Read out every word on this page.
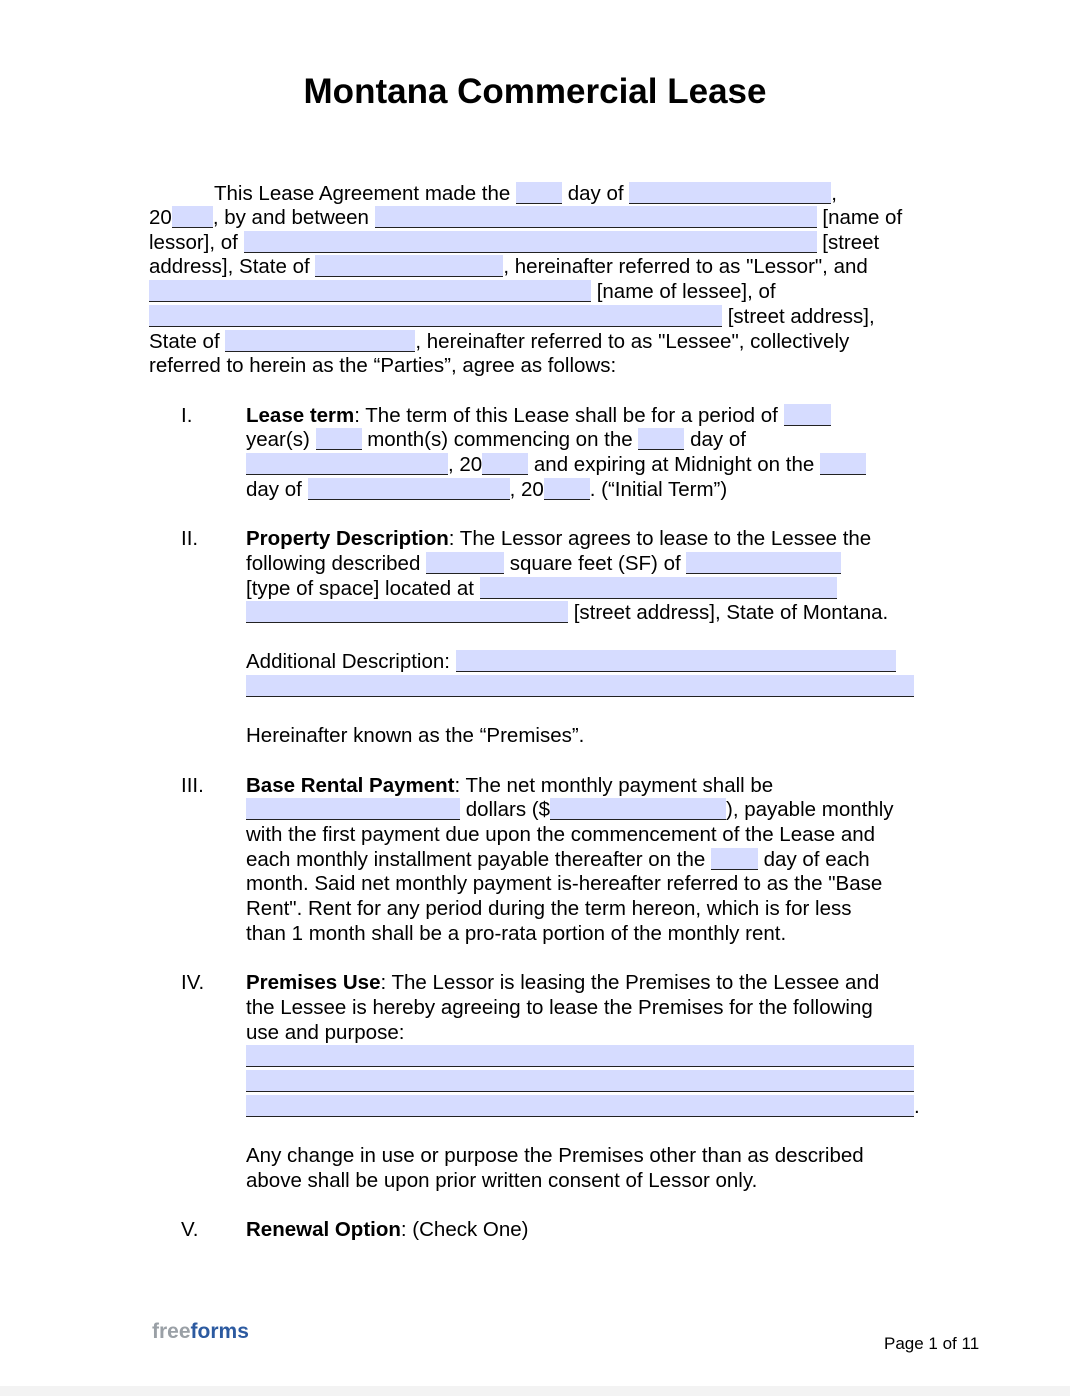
Montana Commercial Lease
This Lease Agreement made the	day of	,
20 , by and between	[name of
lessor], of	[street
address], State of	, hereinafter referred to as "Lessor", and
[name of lessee], of
[street address],
State of	, hereinafter referred to as "Lessee", collectively
referred to herein as the “Parties”, agree as follows:
I.	Lease term: The term of this Lease shall be for a period of
year(s)	month(s) commencing on the	day of
, 20	and expiring at Midnight on the
day of	, 20 . (“Initial Term”)
II. Property Description: The Lessor agrees to lease to the Lessee the
following described	square feet (SF) of
[type of space] located at
[street address], State of Montana.
Additional Description:
Hereinafter known as the “Premises”.
III. Base Rental Payment: The net monthly payment shall be
dollars ($	), payable monthly
with the first payment due upon the commencement of the Lease and
each monthly installment payable thereafter on the	day of each
month. Said net monthly payment is-hereafter referred to as the "Base
Rent". Rent for any period during the term hereon, which is for less
than 1 month shall be a pro-rata portion of the monthly rent.
IV. Premises Use: The Lessor is leasing the Premises to the Lessee and
the Lessee is hereby agreeing to lease the Premises for the following
use and purpose:
.
Any change in use or purpose the Premises other than as described
above shall be upon prior written consent of Lessor only.
V. Renewal Option: (Check One)
freeforms
Page 1 of 11
